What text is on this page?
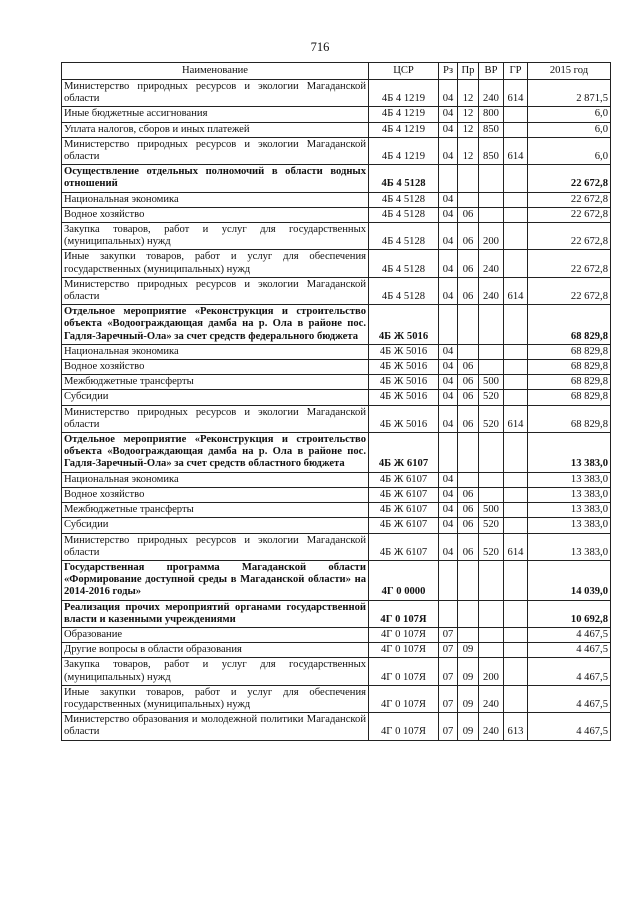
716
Наименование	ЦСР	Рз	Пр	ВР	ГР	2015 год
Министерство природных ресурсов и экологии Магаданской области	4Б 4 1219	04	12	240	614	2 871,5
Иные бюджетные ассигнования	4Б 4 1219	04	12	800		6,0
Уплата налогов, сборов и иных платежей	4Б 4 1219	04	12	850		6,0
Министерство природных ресурсов и экологии Магаданской области	4Б 4 1219	04	12	850	614	6,0
Осуществление отдельных полномочий в области водных отношений	4Б 4 5128					22 672,8
Национальная экономика	4Б 4 5128	04				22 672,8
Водное хозяйство	4Б 4 5128	04	06			22 672,8
Закупка товаров, работ и услуг для государственных (муниципальных) нужд	4Б 4 5128	04	06	200		22 672,8
Иные закупки товаров, работ и услуг для обеспечения государственных (муниципальных) нужд	4Б 4 5128	04	06	240		22 672,8
Министерство природных ресурсов и экологии Магаданской области	4Б 4 5128	04	06	240	614	22 672,8
Отдельное мероприятие «Реконструкция и строительство объекта «Водоограждающая дамба на р. Ола в районе пос. Гадля-Заречный-Ола» за счет средств федерального бюджета	4Б Ж 5016					68 829,8
Национальная экономика	4Б Ж 5016	04				68 829,8
Водное хозяйство	4Б Ж 5016	04	06			68 829,8
Межбюджетные трансферты	4Б Ж 5016	04	06	500		68 829,8
Субсидии	4Б Ж 5016	04	06	520		68 829,8
Министерство природных ресурсов и экологии Магаданской области	4Б Ж 5016	04	06	520	614	68 829,8
Отдельное мероприятие «Реконструкция и строительство объекта «Водоограждающая дамба на р. Ола в районе пос. Гадля-Заречный-Ола» за счет средств областного бюджета	4Б Ж 6107					13 383,0
Национальная экономика	4Б Ж 6107	04				13 383,0
Водное хозяйство	4Б Ж 6107	04	06			13 383,0
Межбюджетные трансферты	4Б Ж 6107	04	06	500		13 383,0
Субсидии	4Б Ж 6107	04	06	520		13 383,0
Министерство природных ресурсов и экологии Магаданской области	4Б Ж 6107	04	06	520	614	13 383,0
Государственная программа Магаданской области «Формирование доступной среды в Магаданской области» на 2014-2016 годы»	4Г 0 0000					14 039,0
Реализация прочих мероприятий органами государственной власти и казенными учреждениями	4Г 0 107Я					10 692,8
Образование	4Г 0 107Я	07				4 467,5
Другие вопросы в области образования	4Г 0 107Я	07	09			4 467,5
Закупка товаров, работ и услуг для государственных (муниципальных) нужд	4Г 0 107Я	07	09	200		4 467,5
Иные закупки товаров, работ и услуг для обеспечения государственных (муниципальных) нужд	4Г 0 107Я	07	09	240		4 467,5
Министерство образования и молодежной политики Магаданской области	4Г 0 107Я	07	09	240	613	4 467,5
